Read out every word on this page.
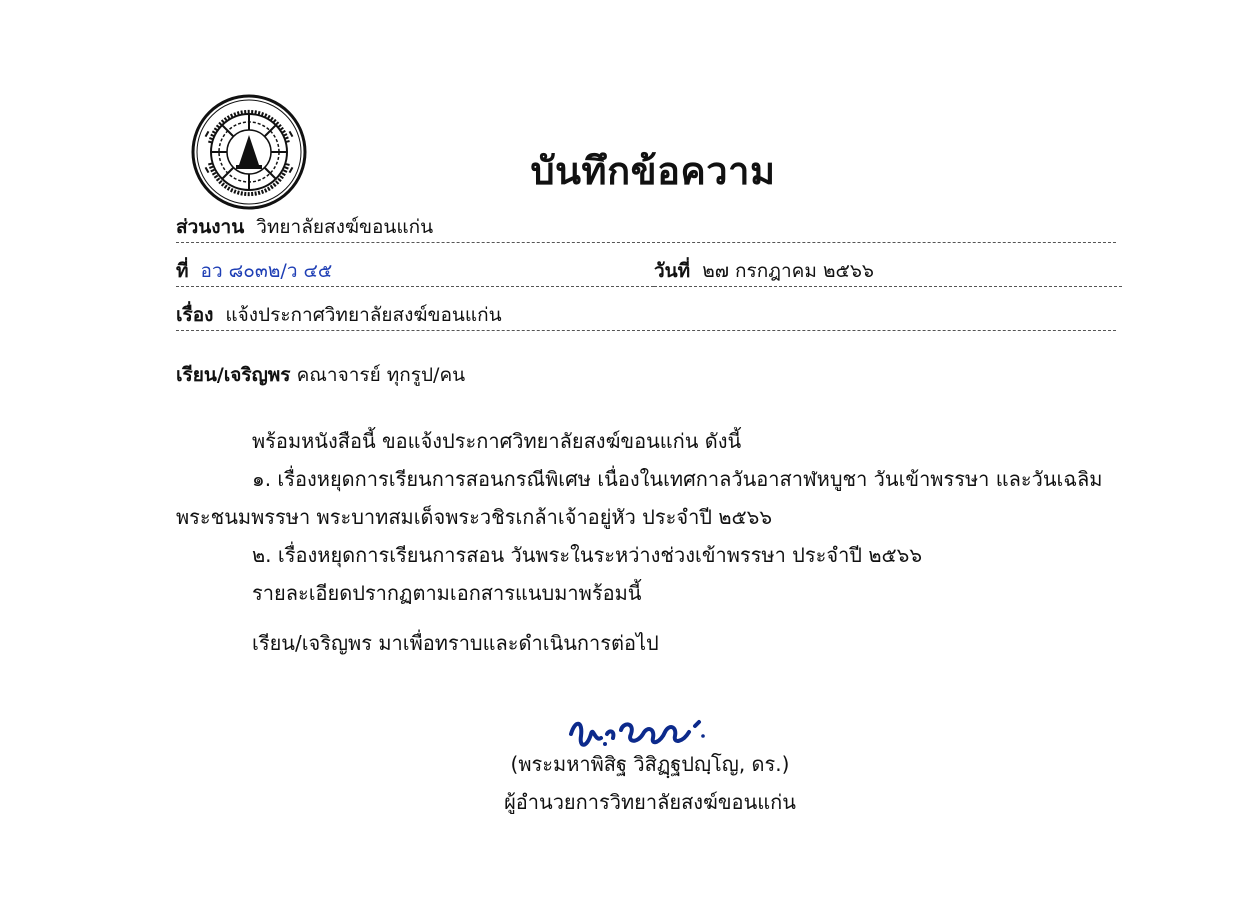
บันทึกข้อความ
ส่วนงาน วิทยาลัยสงฆ์ขอนแก่น
ที่ อว ๘๐๓๒/ว ๔๕	วันที่ ๒๗ กรกฎาคม ๒๕๖๖
เรื่อง แจ้งประกาศวิทยาลัยสงฆ์ขอนแก่น
เรียน/เจริญพร คณาจารย์ ทุกรูป/คน
พร้อมหนังสือนี้ ขอแจ้งประกาศวิทยาลัยสงฆ์ขอนแก่น ดังนี้
๑. เรื่องหยุดการเรียนการสอนกรณีพิเศษ เนื่องในเทศกาลวันอาสาฬหบูชา วันเข้าพรรษา และวันเฉลิมพระชนมพรรษา พระบาทสมเด็จพระวชิรเกล้าเจ้าอยู่หัว ประจำปี ๒๕๖๖
๒. เรื่องหยุดการเรียนการสอน วันพระในระหว่างช่วงเข้าพรรษา ประจำปี ๒๕๖๖
รายละเอียดปรากฏตามเอกสารแนบมาพร้อมนี้
เรียน/เจริญพร มาเพื่อทราบและดำเนินการต่อไป
(พระมหาพิสิฐ วิสิฏฺฐปญฺโญ, ดร.)
ผู้อำนวยการวิทยาลัยสงฆ์ขอนแก่น
